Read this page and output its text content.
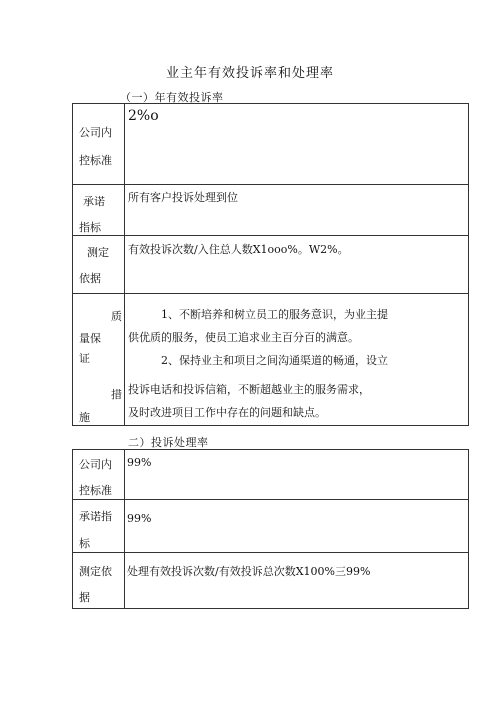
业主年有效投诉率和处理率
（一）年有效投诉率
公司内
控标准	2%o

承诺
指标	所有客户投诉处理到位

测定
依据	有效投诉次数/入住总人数X1ooo%。W2%。

质
量保
证
措
施	1、不断培养和树立员工的服务意识，为业主提
供优质的服务，使员工追求业主百分百的满意。
2、保持业主和项目之间沟通渠道的畅通，设立
投诉电话和投诉信箱，不断超越业主的服务需求，
及时改进项目工作中存在的问题和缺点。
二）投诉处理率
公司内
控标准	99%

承诺指
标	99%

测定依
据	处理有效投诉次数/有效投诉总次数X100%三99%
